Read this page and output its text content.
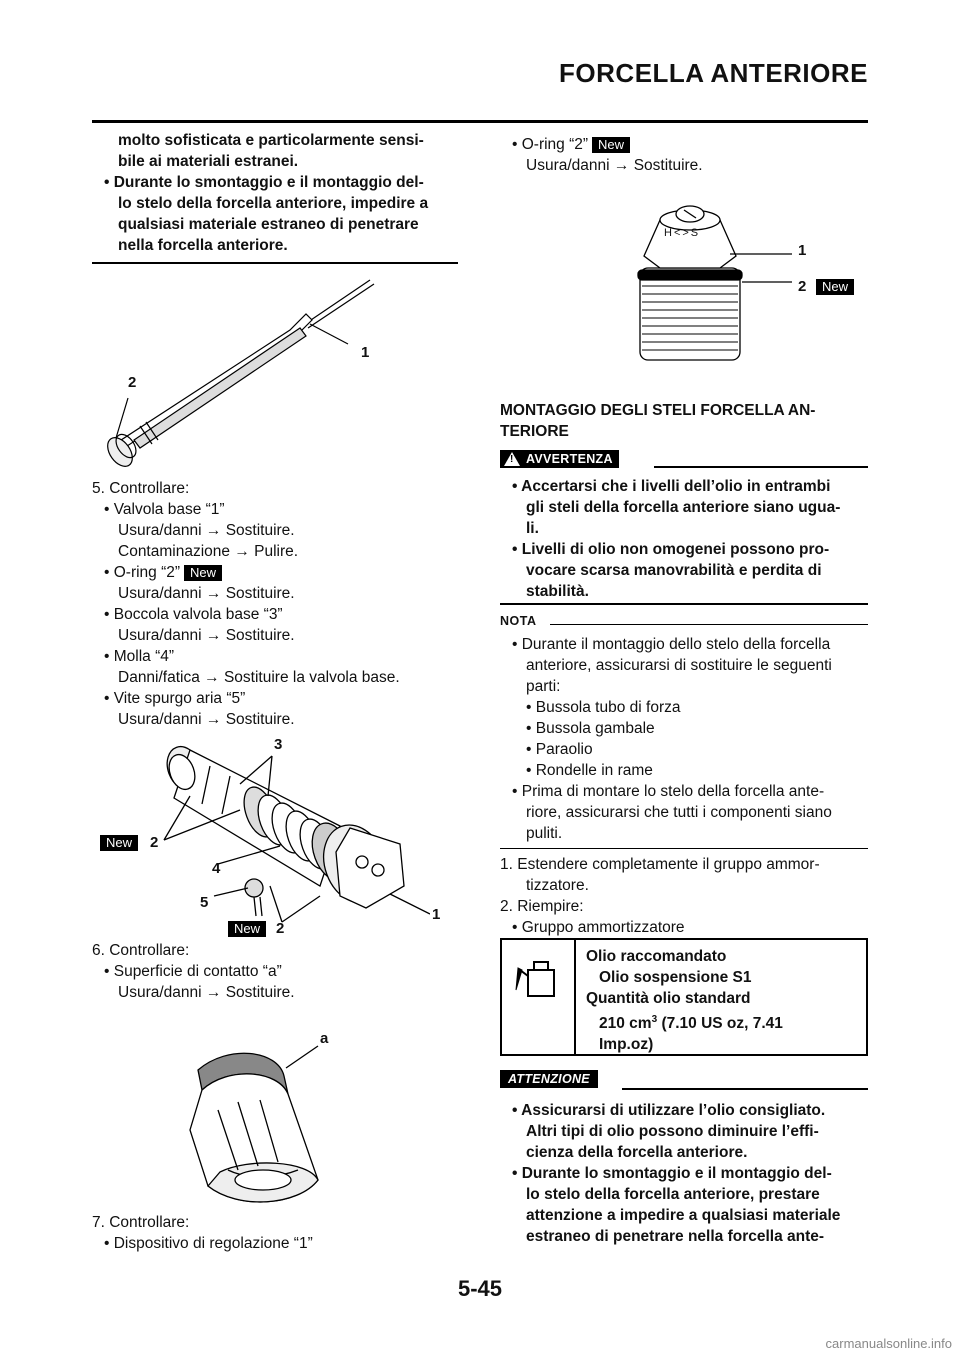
FORCELLA ANTERIORE

molto sofisticata e particolarmente sensi-

bile ai materiali estranei.

• Durante lo smontaggio e il montaggio del-

lo stelo della forcella anteriore, impedire a

qualsiasi materiale estraneo di penetrare

nella forcella anteriore.

1
2

5. Controllare:

• Valvola base “1”

Usura/danni → Sostituire.

Contaminazione → Pulire.

• O-ring “2” New

Usura/danni → Sostituire.

• Boccola valvola base “3”

Usura/danni → Sostituire.

• Molla “4”

Danni/fatica → Sostituire la valvola base.

• Vite spurgo aria “5”

Usura/danni → Sostituire.

3
New	2
4
5
1
New	2

6. Controllare:

• Superficie di contatto “a”

Usura/danni → Sostituire.

a

7. Controllare:

• Dispositivo di regolazione “1”

• O-ring “2” New

Usura/danni → Sostituire.

H<>S
1
2	New

MONTAGGIO DEGLI STELI FORCELLA AN-

TERIORE

! AVVERTENZA

• Accertarsi che i livelli dell’olio in entrambi

gli steli della forcella anteriore siano ugua-

li.

• Livelli di olio non omogenei possono pro-

vocare scarsa manovrabilità e perdita di

stabilità.

NOTA

• Durante il montaggio dello stelo della forcella

anteriore, assicurarsi di sostituire le seguenti

parti:

• Bussola tubo di forza

• Bussola gambale

• Paraolio

• Rondelle in rame

• Prima di montare lo stelo della forcella ante-

riore, assicurarsi che tutti i componenti siano

puliti.

1. Estendere completamente il gruppo ammor-

tizzatore.

2. Riempire:

• Gruppo ammortizzatore

Olio raccomandato

Olio sospensione S1

Quantità olio standard

210 $cm^3$ (7.10 US oz, 7.41

Imp.oz)

ATTENZIONE

• Assicurarsi di utilizzare l’olio consigliato.

Altri tipi di olio possono diminuire l’effi-

cienza della forcella anteriore.

• Durante lo smontaggio e il montaggio del-

lo stelo della forcella anteriore, prestare

attenzione a impedire a qualsiasi materiale

estraneo di penetrare nella forcella ante-

5-45
carmanualsonline.info
